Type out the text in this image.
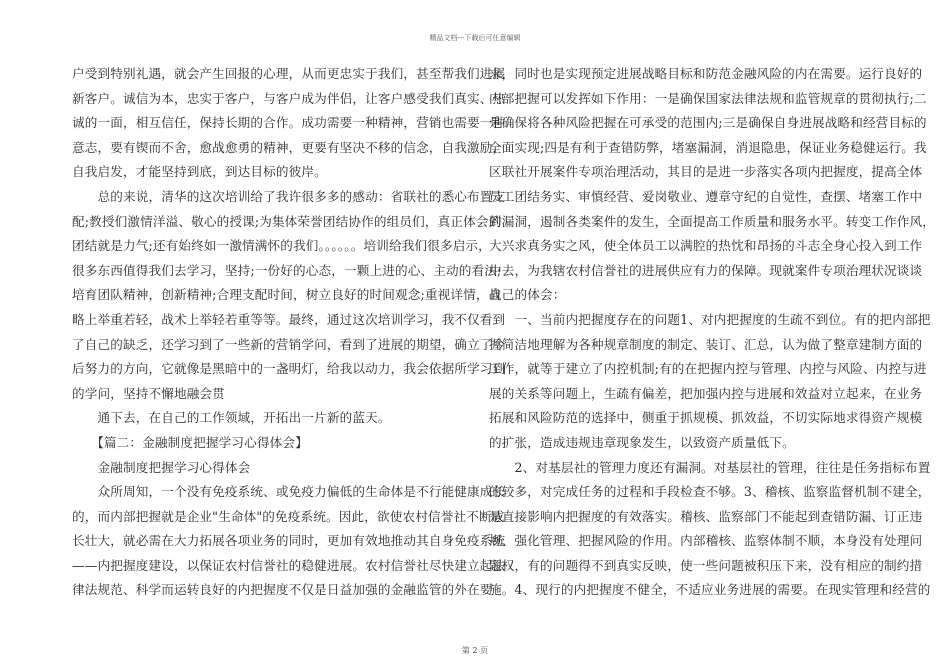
精品文档---下载后可任意编辑
户受到特别礼遇，就会产生回报的心理，从而更忠实于我们，甚至帮我们进展
新客户。诚信为本，忠实于客户，与客户成为伴侣，让客户感受我们真实、热
诚的一面，相互信任，保持长期的合作。成功需要一种精神，营销也需要一种
意志，要有锲而不舍，愈战愈勇的精神，更要有坚决不移的信念，自我激励，
自我启发，才能坚持到底，到达目标的彼岸。
　　总的来说，清华的这次培训给了我许很多多的感动：省联社的悉心布置支
配;教授们激情洋溢、敬心的授课;为集体荣誉团结协作的组员们，真正体会到
团结就是力气;还有始终如一激情满怀的我们。。。。。。培训给我们很多启示，
很多东西值得我们去学习，坚持;一份好的心态，一颗上进的心、主动的看法;
培育团队精神，创新精神;合理支配时间，树立良好的时间观念;重视详情，战
略上举重若轻，战术上举轻若重等等。最终，通过这次培训学习，我不仅看到
了自己的缺乏，还学习到了一些新的营销学问，看到了进展的期望，确立了今
后努力的方向，它就像是黑暗中的一盏明灯，给我以动力，我会依据所学习到
的学问，坚持不懈地融会贯
　　通下去，在自己的工作领域，开拓出一片新的蓝天。
　　【篇二：金融制度把握学习心得体会】
　　金融制度把握学习心得体会
　　众所周知，一个没有免疫系统、或免疫力偏低的生命体是不行能健康成长
的，而内部把握就是企业"生命体"的免疫系统。因此，欲使农村信誉社不断成
长壮大，就必需在大力拓展各项业务的同时，更加有效地推动其自身免疫系统
——内把握度建设，以保证农村信誉社的稳健进展。农村信誉社尽快建立起法
律法规范、科学而运转良好的内把握度不仅是日益加强的金融监管的外在要
求，同时也是实现预定进展战略目标和防范金融风险的内在需要。运行良好的
内部把握可以发挥如下作用：一是确保国家法律法规和监管规章的贯彻执行;二
是确保将各种风险把握在可承受的范围内;三是确保自身进展战略和经营目标的
全面实现;四是有利于查错防弊，堵塞漏洞，消退隐患，保证业务稳健运行。我
区联社开展案件专项治理活动，其目的是进一步落实各项内把握度，提高全体
员工团结务实、审慎经营、爱岗敬业、遵章守纪的自觉性，查摆、堵塞工作中
的漏洞，遏制各类案件的发生，全面提高工作质量和服务水平。转变工作作风，
大兴求真务实之风，使全体员工以满腔的热忱和昂扬的斗志全身心投入到工作
中去，为我辖农村信誉社的进展供应有力的保障。现就案件专项治理状况谈谈
自己的体会：
　　一、当前内把握度存在的问题1、对内把握度的生疏不到位。有的把内部把
握简洁地理解为各种规章制度的制定、装订、汇总，认为做了整章建制方面的
工作，就等于建立了内控机制;有的在把握内控与管理、内控与风险、内控与进
展的关系等问题上，生疏有偏差，把加强内控与进展和效益对立起来，在业务
拓展和风险防范的选择中，侧重于抓规模、抓效益，不切实际地求得资产规模
的扩张，造成违规违章现象发生，以致资产质量低下。
　　2、对基层社的管理力度还有漏洞。对基层社的管理，往往是任务指标布置
的较多，对完成任务的过程和手段检查不够。3、稽核、监察监督机制不建全，
是直接影响内把握度的有效落实。稽核、监察部门不能起到查错防漏、订正违
规、强化管理、把握风险的作用。内部稽核、监察体制不顺，本身没有处理问
题权，有的问题得不到真实反映，使一些问题被积压下来，没有相应的制约措
施。4、现行的内把握度不健全，不适应业务进展的需要。在现实管理和经营的
第 2 页
